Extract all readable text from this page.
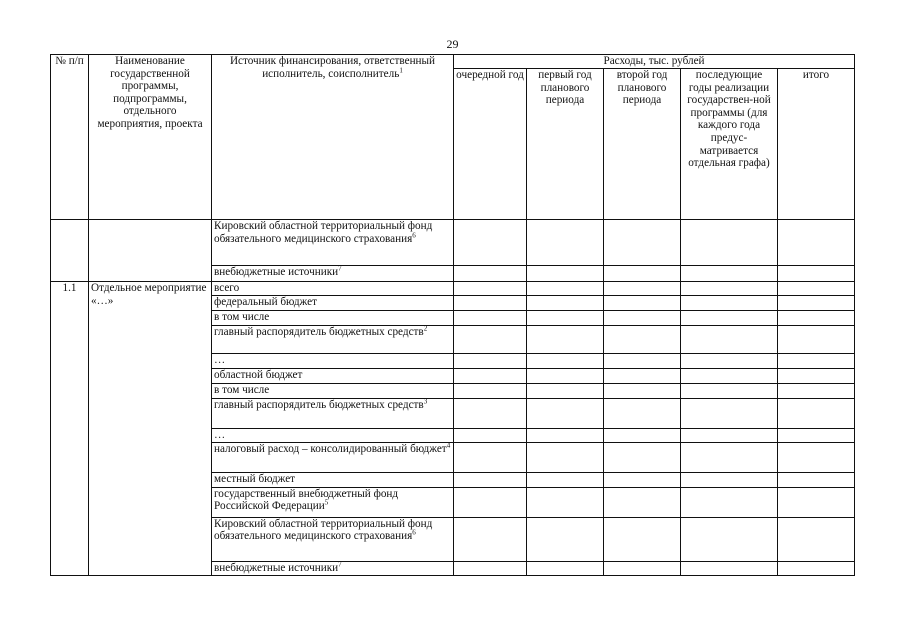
29
№ п/п	Наименование государственной программы, подпрограммы, отдельного мероприятия, проекта	Источник финансирования, ответственный исполнитель, соисполнитель$^1$	Расходы, тыс. рублей				
			очередной год	первый год планового периода	второй год планового периода	последующие годы реализации государствен-ной программы (для каждого года предус-матривается отдельная графа)	итого
		Кировский областной территориальный фонд обязательного медицинского страхования$^6$					
		внебюджетные источники$^7$					
1.1	Отдельное мероприятие «…»	всего					
		федеральный бюджет					
		в том числе					
		главный распорядитель бюджетных средств$^2$					
		…					
		областной бюджет					
		в том числе					
		главный распорядитель бюджетных средств$^3$					
		…					
		налоговый расход – консолидированный бюджет$^4$					
		местный бюджет					
		государственный внебюджетный фонд Российской Федерации$^5$					
		Кировский областной территориальный фонд обязательного медицинского страхования$^6$					
		внебюджетные источники$^7$					
